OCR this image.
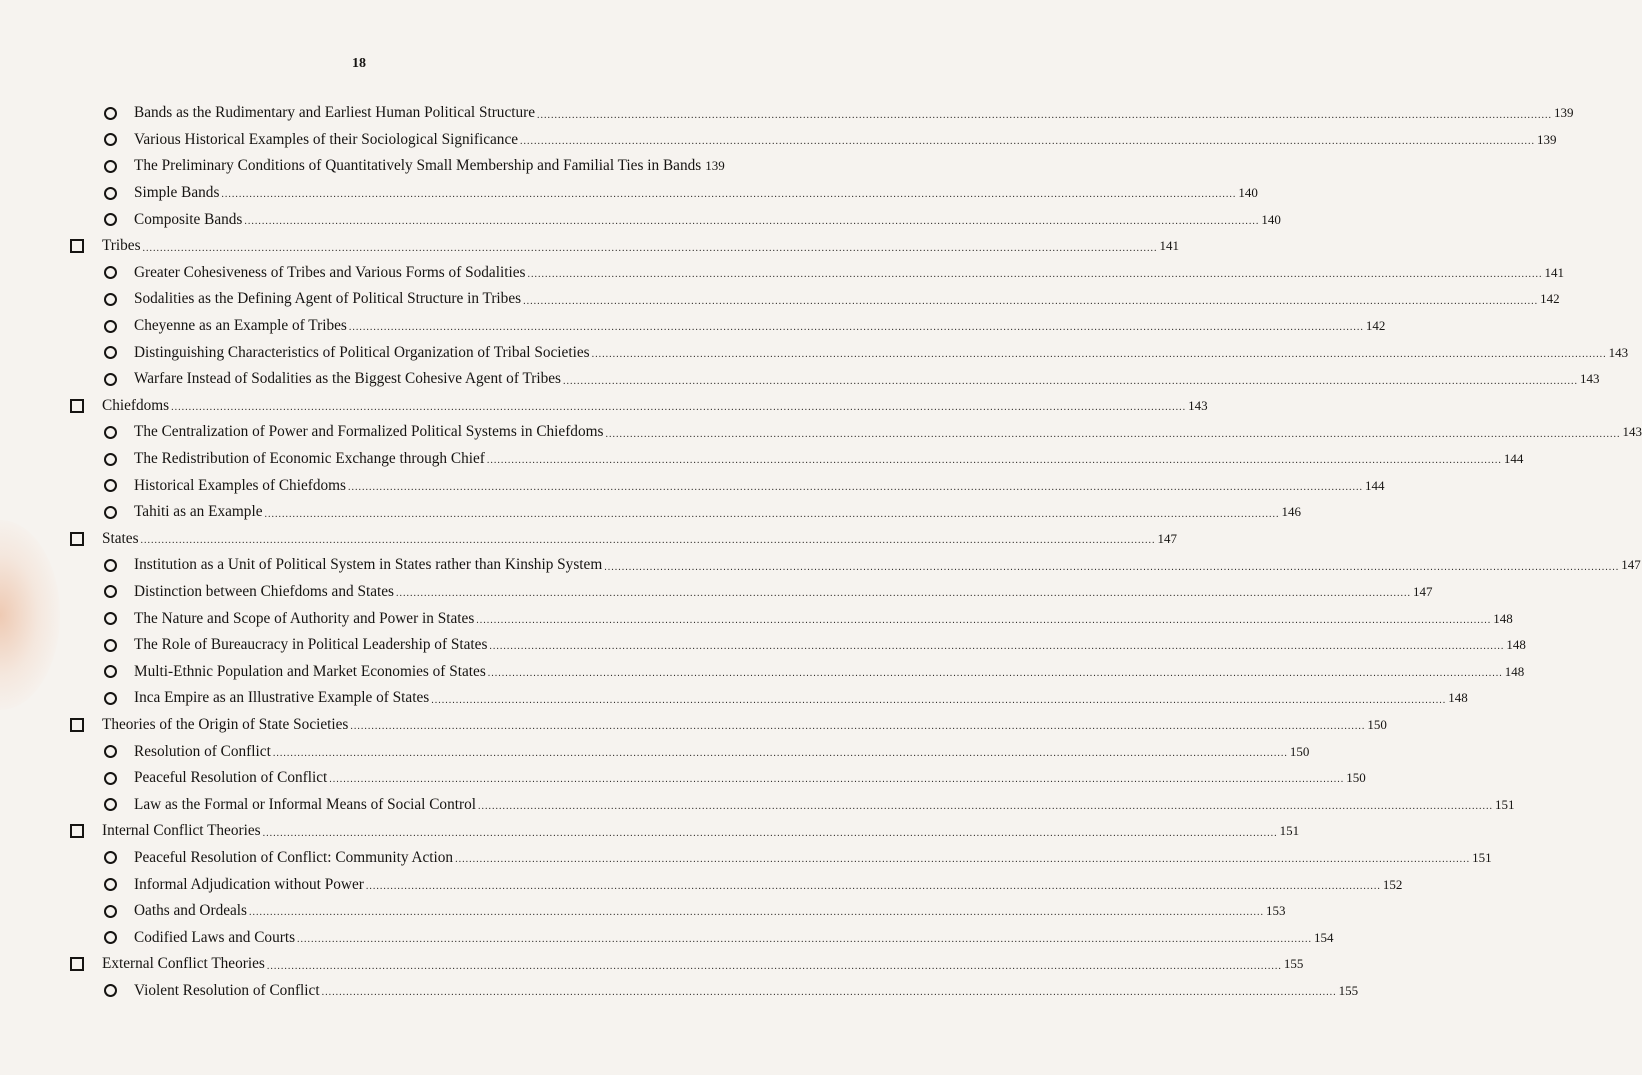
18
Bands as the Rudimentary and Earliest Human Political Structure .....	139
Various Historical Examples of their Sociological Significance .....	139
The Preliminary Conditions of Quantitatively Small Membership and Familial Ties in Bands 139
Simple Bands .....	140
Composite Bands .....	140
Tribes .....	141
Greater Cohesiveness of Tribes and Various Forms of Sodalities .....	141
Sodalities as the Defining Agent of Political Structure in Tribes .....	142
Cheyenne as an Example of Tribes .....	142
Distinguishing Characteristics of Political Organization of Tribal Societies .....	143
Warfare Instead of Sodalities as the Biggest Cohesive Agent of Tribes .....	143
Chiefdoms .....	143
The Centralization of Power and Formalized Political Systems in Chiefdoms .....	143
The Redistribution of Economic Exchange through Chief .....	144
Historical Examples of Chiefdoms .....	144
Tahiti as an Example .....	146
States .....	147
Institution as a Unit of Political System in States rather than Kinship System .....	147
Distinction between Chiefdoms and States .....	147
The Nature and Scope of Authority and Power in States .....	148
The Role of Bureaucracy in Political Leadership of States .....	148
Multi-Ethnic Population and Market Economies of States .....	148
Inca Empire as an Illustrative Example of States .....	148
Theories of the Origin of State Societies .....	150
Resolution of Conflict .....	150
Peaceful Resolution of Conflict .....	150
Law as the Formal or Informal Means of Social Control .....	151
Internal Conflict Theories .....	151
Peaceful Resolution of Conflict: Community Action .....	151
Informal Adjudication without Power .....	152
Oaths and Ordeals .....	153
Codified Laws and Courts .....	154
External Conflict Theories .....	155
Violent Resolution of Conflict .....	155
